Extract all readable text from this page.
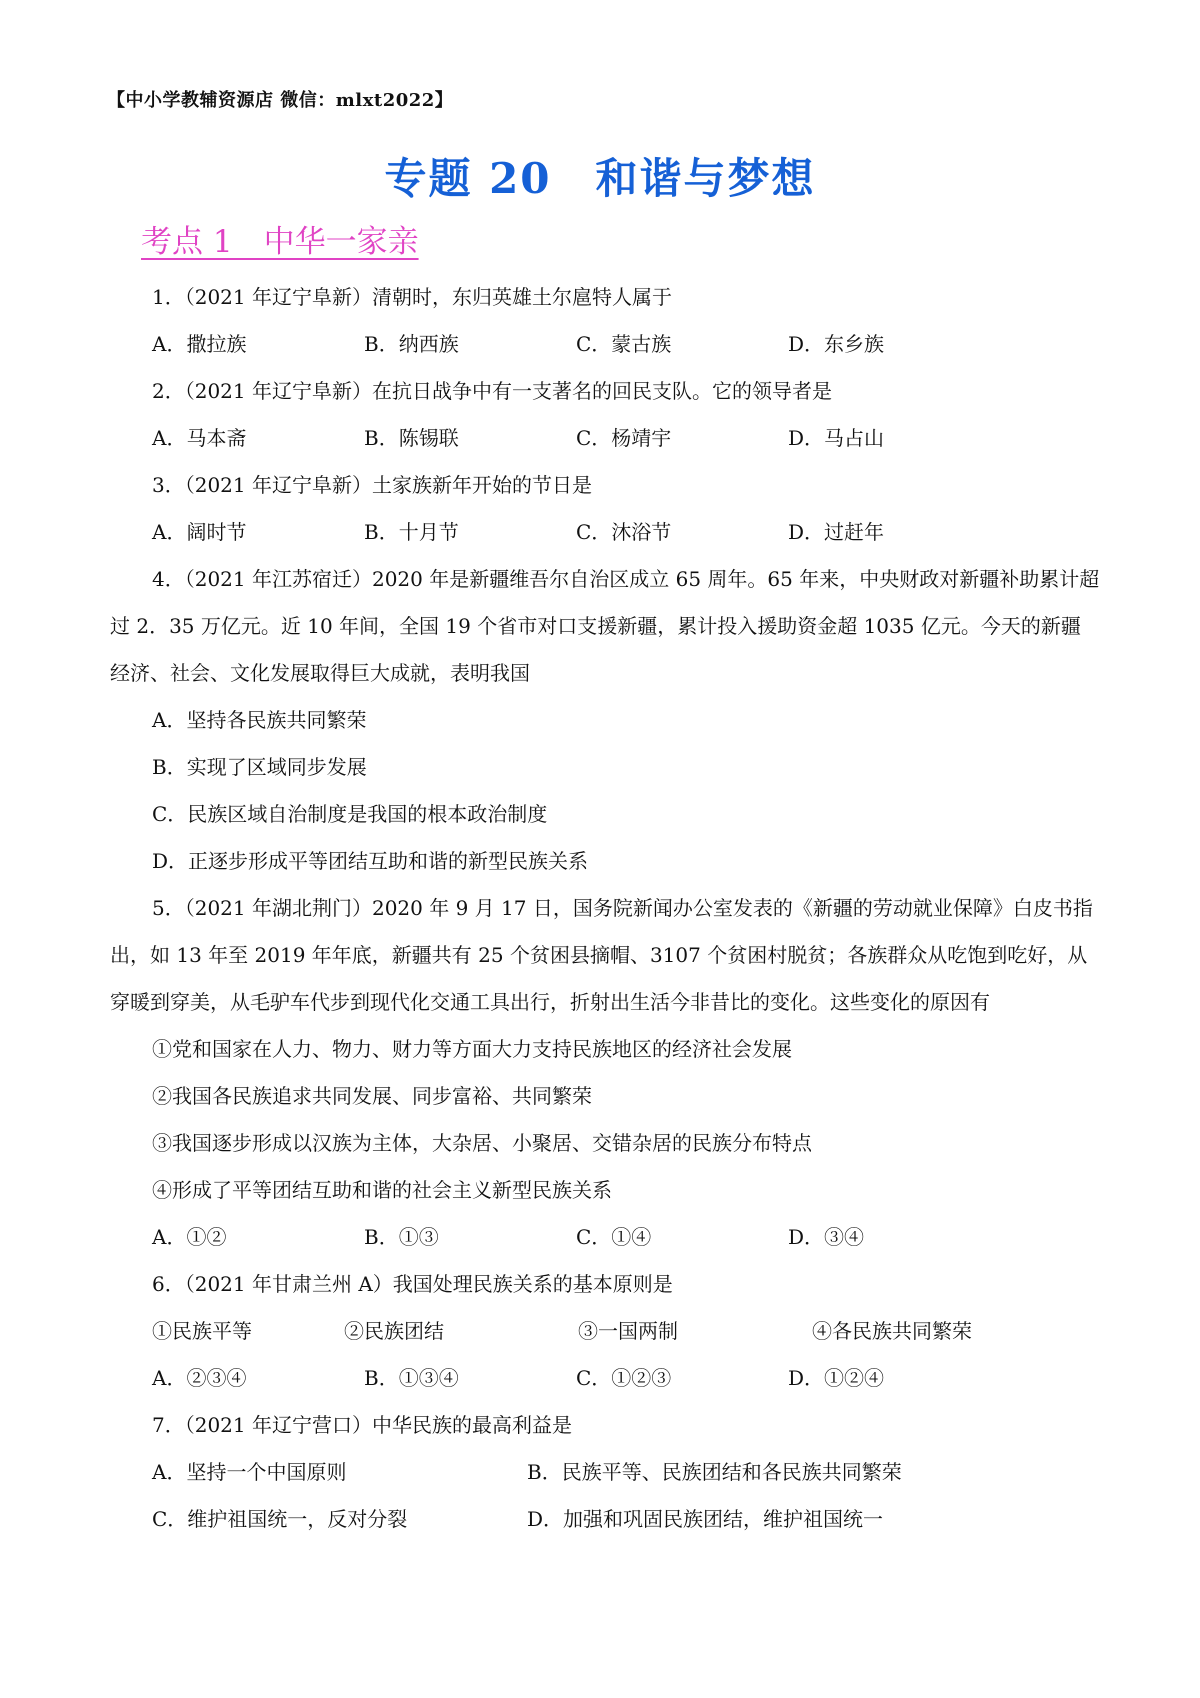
【中小学教辅资源店 微信：mlxt2022】
专题 20　和谐与梦想
考点 1　中华一家亲

1．（2021 年辽宁阜新）清朝时，东归英雄土尔扈特人属于

A．撒拉族	B．纳西族	C．蒙古族	D．东乡族

2．（2021 年辽宁阜新）在抗日战争中有一支著名的回民支队。它的领导者是

A．马本斋	B．陈锡联	C．杨靖宇	D．马占山

3．（2021 年辽宁阜新）土家族新年开始的节日是

A．阔时节	B．十月节	C．沐浴节	D．过赶年

4．（2021 年江苏宿迁）2020 年是新疆维吾尔自治区成立 65 周年。65 年来，中央财政对新疆补助累计超过 2．35 万亿元。近 10 年间，全国 19 个省市对口支援新疆，累计投入援助资金超 1035 亿元。今天的新疆经济、社会、文化发展取得巨大成就，表明我国

A．坚持各民族共同繁荣

B．实现了区域同步发展

C．民族区域自治制度是我国的根本政治制度

D．正逐步形成平等团结互助和谐的新型民族关系

5．（2021 年湖北荆门）2020 年 9 月 17 日，国务院新闻办公室发表的《新疆的劳动就业保障》白皮书指出，如 13 年至 2019 年年底，新疆共有 25 个贫困县摘帽、3107 个贫困村脱贫；各族群众从吃饱到吃好，从穿暖到穿美，从毛驴车代步到现代化交通工具出行，折射出生活今非昔比的变化。这些变化的原因有

①党和国家在人力、物力、财力等方面大力支持民族地区的经济社会发展

②我国各民族追求共同发展、同步富裕、共同繁荣

③我国逐步形成以汉族为主体，大杂居、小聚居、交错杂居的民族分布特点

④形成了平等团结互助和谐的社会主义新型民族关系

A．①②	B．①③	C．①④	D．③④

6．（2021 年甘肃兰州 A）我国处理民族关系的基本原则是

①民族平等	②民族团结	③一国两制	④各民族共同繁荣
A．②③④	B．①③④	C．①②③	D．①②④

7．（2021 年辽宁营口）中华民族的最高利益是

A．坚持一个中国原则	B．民族平等、民族团结和各民族共同繁荣
C．维护祖国统一，反对分裂	D．加强和巩固民族团结，维护祖国统一
